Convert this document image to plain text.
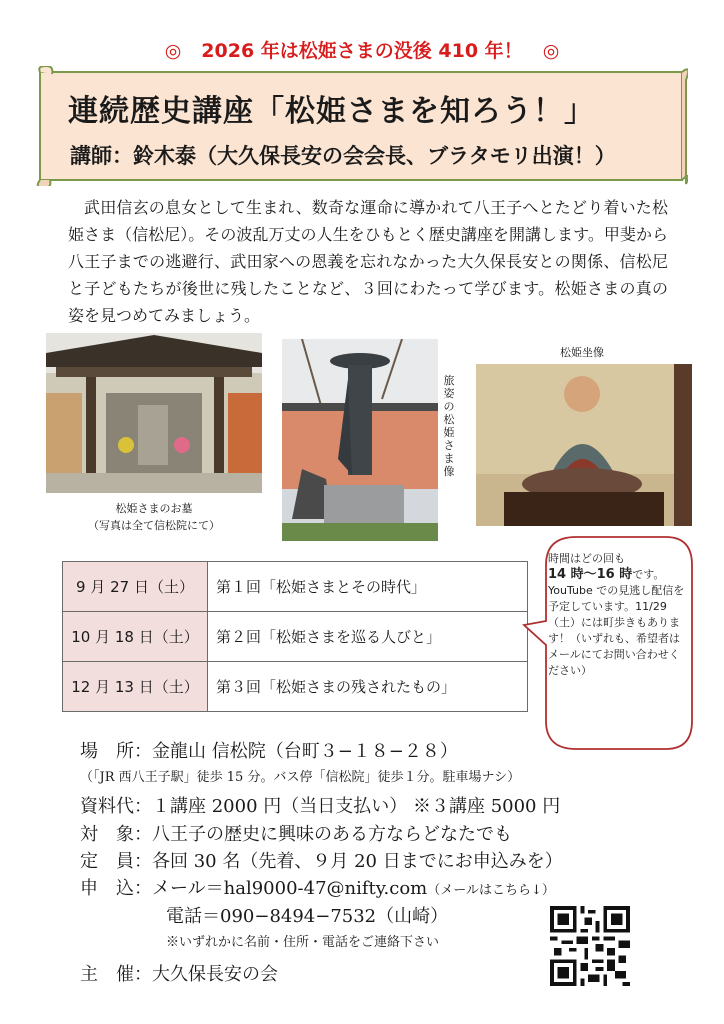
◎ 2026 年は松姫さまの没後 410 年！ ◎
連続歴史講座「松姫さまを知ろう！」
講師：鈴木泰（大久保長安の会会長、ブラタモリ出演！）

武田信玄の息女として生まれ、数奇な運命に導かれて八王子へとたどり着いた松姫さま（信松尼）。その波乱万丈の人生をひもとく歴史講座を開講します。甲斐から八王子までの逃避行、武田家への恩義を忘れなかった大久保長安との関係、信松尼と子どもたちが後世に残したことなど、３回にわたって学びます。松姫さまの真の姿を見つめてみましょう。

松姫さまのお墓
（写真は全て信松院にて）
旅姿の松姫さま像
松姫坐像
9 月 27 日（土）	第１回「松姫さまとその時代」
10 月 18 日（土）	第２回「松姫さまを巡る人びと」
12 月 13 日（土）	第３回「松姫さまの残されたもの」
時間はどの回も
14 時〜16 時です。YouTube での見逃し配信を予定しています。11/29（土）には町歩きもあります！（いずれも、希望者はメールにてお問い合わせください）
場　所：金龍山 信松院（台町３−１８−２８）
（「JR 西八王子駅」徒歩 15 分。バス停「信松院」徒歩１分。駐車場ナシ）
資料代：１講座 2000 円（当日支払い） ※３講座 5000 円
対　象：八王子の歴史に興味のある方ならどなたでも
定　員：各回 30 名（先着、９月 20 日までにお申込みを）
申　込：メール＝hal9000-47@nifty.com（メールはこちら↓）
電話＝090−8494−7532（山崎）
※いずれかに名前・住所・電話をご連絡下さい
主　催：大久保長安の会
